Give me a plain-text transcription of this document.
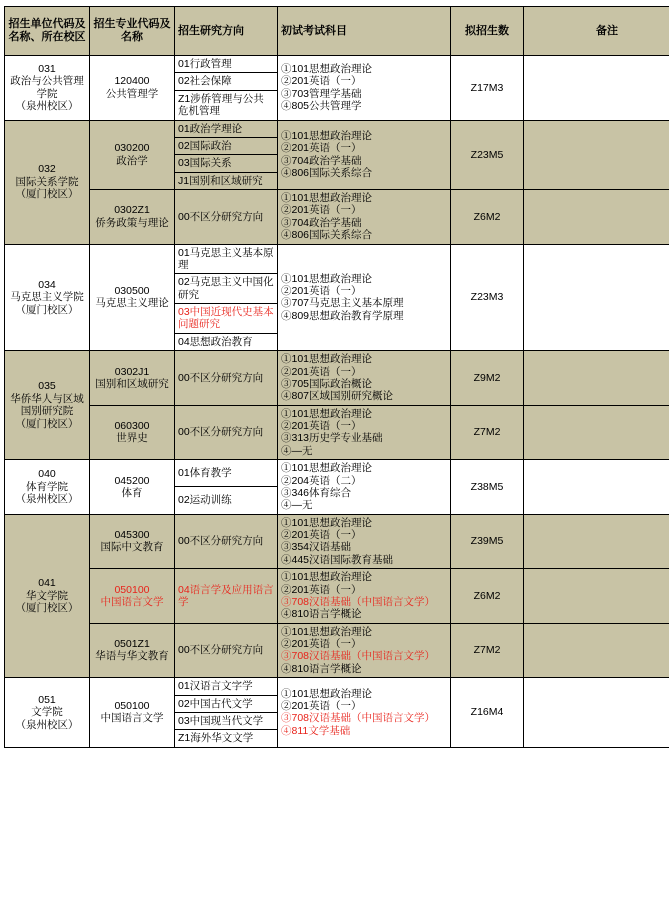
招生单位代码及名称、所在校区	招生专业代码及名称	招生研究方向	初试考试科目	拟招生数	备注

031
政治与公共管理学院
（泉州校区）	120400
公共管理学	01行政管理	①101思想政治理论
②201英语（一）
③703管理学基础
④805公共管理学	Z17M3	
		02社会保障			
		Z1涉侨管理与公共危机管理			

032
国际关系学院
（厦门校区）	030200
政治学	01政治学理论	①101思想政治理论
②201英语（一）
③704政治学基础
④806国际关系综合	Z23M5	
		02国际政治			
		03国际关系			
		J1国别和区域研究			

	0302Z1
侨务政策与理论	00不区分研究方向	①101思想政治理论
②201英语（一）
③704政治学基础
④806国际关系综合	Z6M2	

034
马克思主义学院
（厦门校区）	030500
马克思主义理论	01马克思主义基本原理	①101思想政治理论
②201英语（一）
③707马克思主义基本原理
④809思想政治教育学原理	Z23M3	
		02马克思主义中国化研究			
		03中国近现代史基本问题研究			
		04思想政治教育			

035
华侨华人与区域国别研究院
（厦门校区）	0302J1
国别和区域研究	00不区分研究方向	①101思想政治理论
②201英语（一）
③705国际政治概论
④807区域国别研究概论	Z9M2	

	060300
世界史	00不区分研究方向	①101思想政治理论
②201英语（一）
③313历史学专业基础
④—无	Z7M2	

040
体育学院
（泉州校区）	045200
体育	01体育教学	①101思想政治理论
②204英语（二）
③346体育综合
④—无	Z38M5	
		02运动训练			

041
华文学院
（厦门校区）	045300
国际中文教育	00不区分研究方向	①101思想政治理论
②201英语（一）
③354汉语基础
④445汉语国际教育基础	Z39M5	

	050100
中国语言文学	04语言学及应用语言学	①101思想政治理论
②201英语（一）
③708汉语基础（中国语言文学）
④810语言学概论	Z6M2	

	0501Z1
华语与华文教育	00不区分研究方向	①101思想政治理论
②201英语（一）
③708汉语基础（中国语言文学）
④810语言学概论	Z7M2	

051
文学院
（泉州校区）	050100
中国语言文学	01汉语言文字学	①101思想政治理论
②201英语（一）
③708汉语基础（中国语言文学）
④811文学基础	Z16M4	
		02中国古代文学			
		03中国现当代文学			
		Z1海外华文文学			
